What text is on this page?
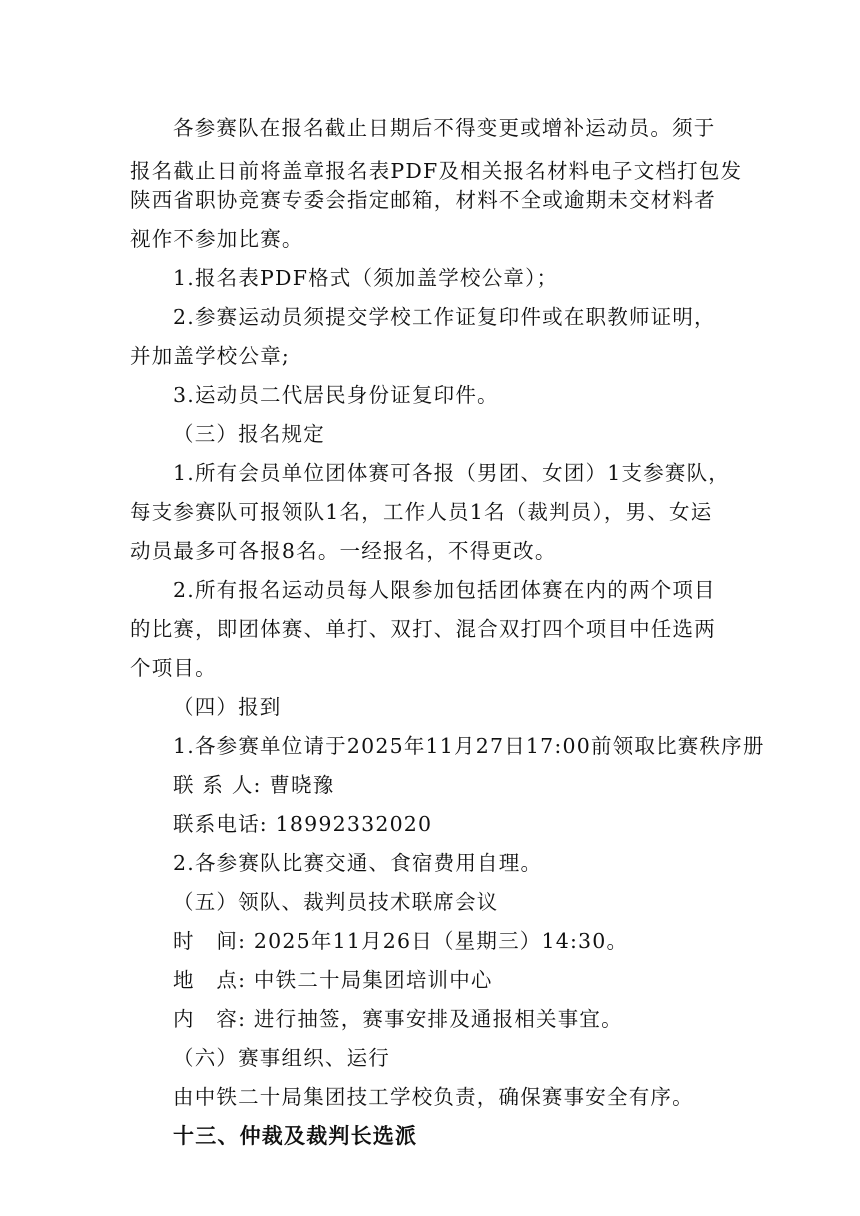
各参赛队在报名截止日期后不得变更或增补运动员。须于
报名截止日前将盖章报名表PDF及相关报名材料电子文档打包发
陕西省职协竞赛专委会指定邮箱，材料不全或逾期未交材料者
视作不参加比赛。
1.报名表PDF格式（须加盖学校公章）；
2.参赛运动员须提交学校工作证复印件或在职教师证明，
并加盖学校公章;
3.运动员二代居民身份证复印件。
（三）报名规定
1.所有会员单位团体赛可各报（男团、女团）1支参赛队，
每支参赛队可报领队1名，工作人员1名（裁判员），男、女运
动员最多可各报8名。一经报名，不得更改。
2.所有报名运动员每人限参加包括团体赛在内的两个项目
的比赛，即团体赛、单打、双打、混合双打四个项目中任选两
个项目。
（四）报到
1.各参赛单位请于2025年11月27日17:00前领取比赛秩序册
联 系 人: 曹晓豫
联系电话: 18992332020
2.各参赛队比赛交通、食宿费用自理。
（五）领队、裁判员技术联席会议
时　间: 2025年11月26日（星期三）14:30。
地　点: 中铁二十局集团培训中心
内　容: 进行抽签，赛事安排及通报相关事宜。
（六）赛事组织、运行
由中铁二十局集团技工学校负责，确保赛事安全有序。
十三、仲裁及裁判长选派
